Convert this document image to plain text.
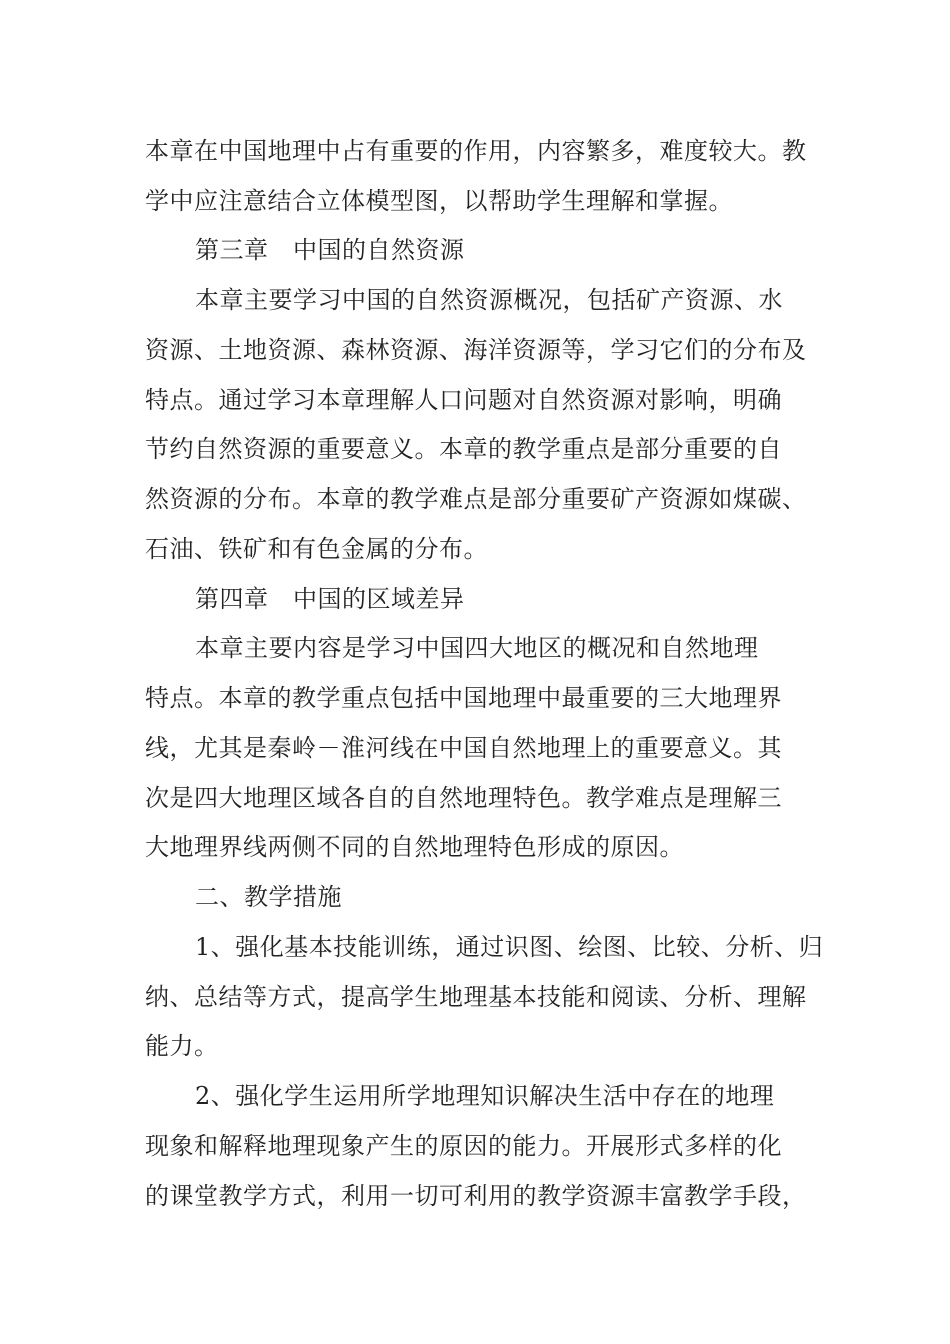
本章在中国地理中占有重要的作用，内容繁多，难度较大。教
学中应注意结合立体模型图，以帮助学生理解和掌握。
第三章　中国的自然资源
本章主要学习中国的自然资源概况，包括矿产资源、水
资源、土地资源、森林资源、海洋资源等，学习它们的分布及
特点。通过学习本章理解人口问题对自然资源对影响，明确
节约自然资源的重要意义。本章的教学重点是部分重要的自
然资源的分布。本章的教学难点是部分重要矿产资源如煤碳、
石油、铁矿和有色金属的分布。
第四章　中国的区域差异
本章主要内容是学习中国四大地区的概况和自然地理
特点。本章的教学重点包括中国地理中最重要的三大地理界
线，尤其是秦岭－淮河线在中国自然地理上的重要意义。其
次是四大地理区域各自的自然地理特色。教学难点是理解三
大地理界线两侧不同的自然地理特色形成的原因。
二、教学措施
1、强化基本技能训练，通过识图、绘图、比较、分析、归
纳、总结等方式，提高学生地理基本技能和阅读、分析、理解
能力。
2、强化学生运用所学地理知识解决生活中存在的地理
现象和解释地理现象产生的原因的能力。开展形式多样的化
的课堂教学方式，利用一切可利用的教学资源丰富教学手段，
